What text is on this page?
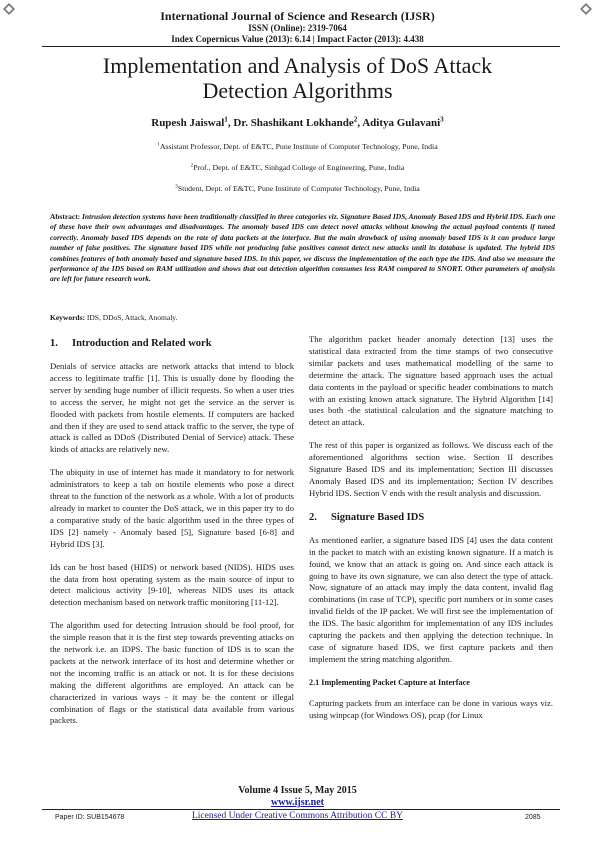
International Journal of Science and Research (IJSR)
ISSN (Online): 2319-7064
Index Copernicus Value (2013): 6.14 | Impact Factor (2013): 4.438
Implementation and Analysis of DoS Attack Detection Algorithms
Rupesh Jaiswal$^1$, Dr. Shashikant Lokhande$^2$, Aditya Gulavani$^3$
$^1$Assistant Professor, Dept. of E&TC, Pune Institute of Computer Technology, Pune, India
$^2$Prof., Dept. of E&TC, Sinhgad College of Engineering, Pune, India
$^3$Student, Dept. of E&TC, Pune Institute of Computer Technology, Pune, India
Abstract: Intrusion detection systems have been traditionally classified in three categories viz. Signature Based IDS, Anomaly Based IDS and Hybrid IDS. Each one of these have their own advantages and disadvantages. The anomaly based IDS can detect novel attacks without knowing the actual payload contents if tuned correctly. Anomaly based IDS depends on the rate of data packets at the interface. But the main drawback of using anomaly based IDS is it can produce large number of false positives. The signature based IDS while not producing false positives cannot detect new attacks until its database is updated. The hybrid IDS combines features of both anomaly based and signature based IDS. In this paper, we discuss the implementation of the each type the IDS. And also we measure the performance of the IDS based on RAM utilization and shows that out detection algorithm consumes less RAM compared to SNORT. Other parameters of analysis are left for future research work.
Keywords: IDS, DDoS, Attack, Anomaly.
1. Introduction and Related work

Denials of service attacks are network attacks that intend to block access to legitimate traffic [1]. This is usually done by flooding the server by sending huge number of illicit requests. So when a user tries to access the server, he might not get the service as the server is flooded with packets from hostile elements. If computers are hacked and then if they are used to send attack traffic to the server, the type of attack is called as DDoS (Distributed Denial of Service) attack. These kinds of attacks are relatively new.

The ubiquity in use of internet has made it mandatory to for network administrators to keep a tab on hostile elements who pose a direct threat to the function of the network as a whole. With a lot of products already in market to counter the DoS attack, we in this paper try to do a comparative study of the basic algorithm used in the three types of IDS [2] namely - Anomaly based [5], Signature based [6-8] and Hybrid IDS [3].

Ids can be host based (HIDS) or network based (NIDS). HIDS uses the data from host operating system as the main source of input to detect malicious activity [9-10], whereas NIDS uses its attack detection mechanism based on network traffic monitoring [11-12].

The algorithm used for detecting Intrusion should be fool proof, for the simple reason that it is the first step towards preventing attacks on the network i.e. an IDPS. The basic function of IDS is to scan the packets at the network interface of its host and determine whether or not the incoming traffic is an attack or not. It is for these decisions making the different algorithms are employed. An attack can be characterized in various ways - it may be the content or illegal combination of flags or the statistical data available from various packets.

The algorithm packet header anomaly detection [13] uses the statistical data extracted from the time stamps of two consecutive similar packets and uses mathematical modelling of the same to determine the attack. The signature based approach uses the actual data contents in the payload or specific header combinations to match with an existing known attack signature. The Hybrid Algorithm [14] uses both -the statistical calculation and the signature matching to detect an attack.

The rest of this paper is organized as follows. We discuss each of the aforementioned algorithms section wise. Section II describes Signature Based IDS and its implementation; Section III discusses Anomaly Based IDS and its implementation; Section IV describes Hybrid IDS. Section V ends with the result analysis and discussion.

2. Signature Based IDS

As mentioned earlier, a signature based IDS [4] uses the data content in the packet to match with an existing known signature. If a match is found, we know that an attack is going on. And since each attack is going to have its own signature, we can also detect the type of attack. Now, signature of an attack may imply the data content, invalid flag combinations (in case of TCP), specific port numbers or in some cases invalid fields of the IP packet. We will first see the implementation of the IDS. The basic algorithm for implementation of any IDS includes capturing the packets and then applying the detection technique. In case of signature based IDS, we first capture packets and then implement the string matching algorithm.

2.1 Implementing Packet Capture at Interface

Capturing packets from an interface can be done in various ways viz. using winpcap (for Windows OS), pcap (for Linux

Volume 4 Issue 5, May 2015
www.ijsr.net
Paper ID: SUB154678	Licensed Under Creative Commons Attribution CC BY	2085
